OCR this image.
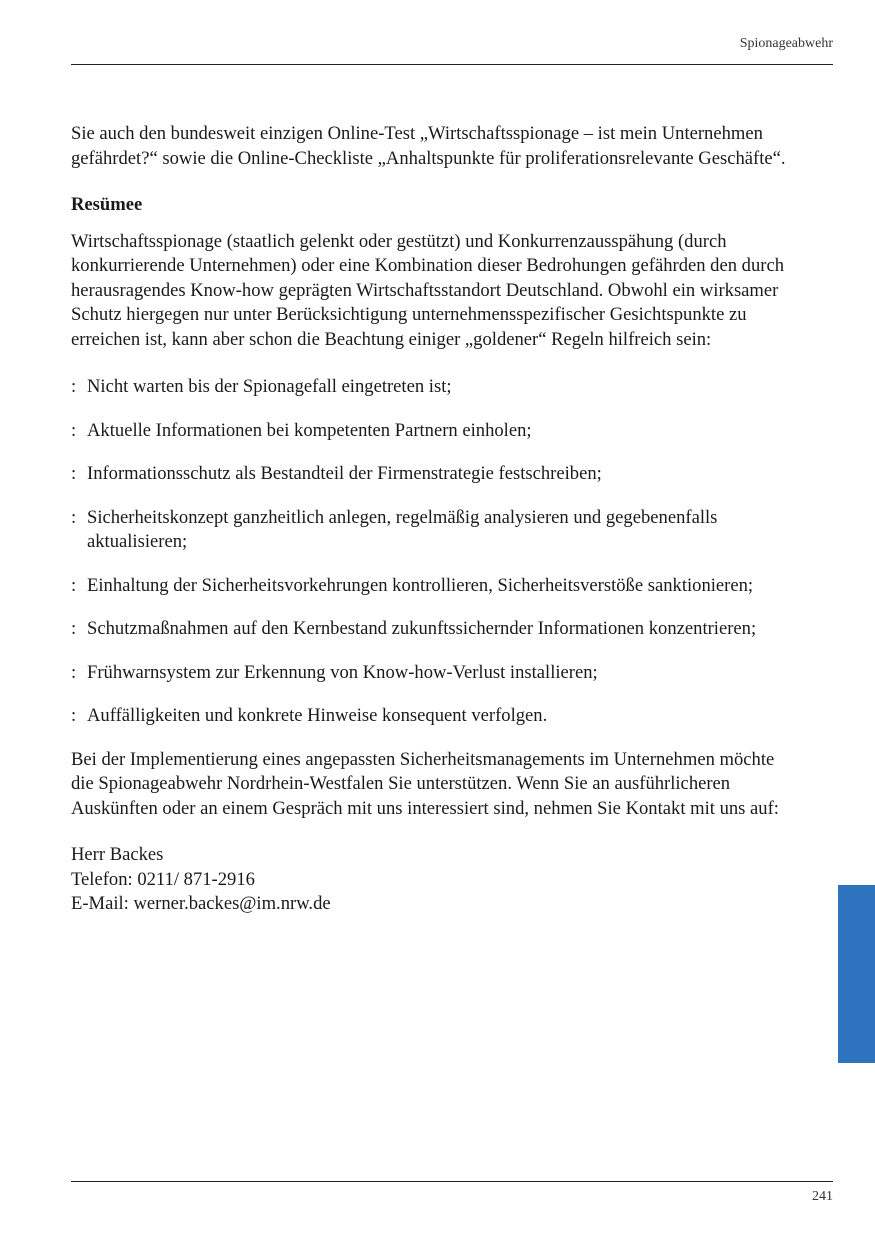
Spionageabwehr

Sie auch den bundesweit einzigen Online-Test „Wirtschaftsspionage – ist mein Unternehmen gefährdet?“ sowie die Online-Checkliste „Anhaltspunkte für proliferationsrelevante Geschäfte“.

Resümee

Wirtschaftsspionage (staatlich gelenkt oder gestützt) und Konkurrenzausspähung (durch konkurrierende Unternehmen) oder eine Kombination dieser Bedrohungen gefährden den durch herausragendes Know-how geprägten Wirtschaftsstandort Deutschland. Obwohl ein wirksamer Schutz hiergegen nur unter Berücksichtigung unternehmensspezifischer Gesichtspunkte zu erreichen ist, kann aber schon die Beachtung einiger „goldener“ Regeln hilfreich sein:

: Nicht warten bis der Spionagefall eingetreten ist;
: Aktuelle Informationen bei kompetenten Partnern einholen;
: Informationsschutz als Bestandteil der Firmenstrategie festschreiben;
: Sicherheitskonzept ganzheitlich anlegen, regelmäßig analysieren und gegebenenfalls aktualisieren;
: Einhaltung der Sicherheitsvorkehrungen kontrollieren, Sicherheitsverstöße sanktionieren;
: Schutzmaßnahmen auf den Kernbestand zukunftssichernder Informationen konzentrieren;
: Frühwarnsystem zur Erkennung von Know-how-Verlust installieren;
: Auffälligkeiten und konkrete Hinweise konsequent verfolgen.

Bei der Implementierung eines angepassten Sicherheitsmanagements im Unternehmen möchte die Spionageabwehr Nordrhein-Westfalen Sie unterstützen. Wenn Sie an ausführlicheren Auskünften oder an einem Gespräch mit uns interessiert sind, nehmen Sie Kontakt mit uns auf:

Herr Backes
Telefon: 0211/ 871-2916
E-Mail: werner.backes@im.nrw.de

241
